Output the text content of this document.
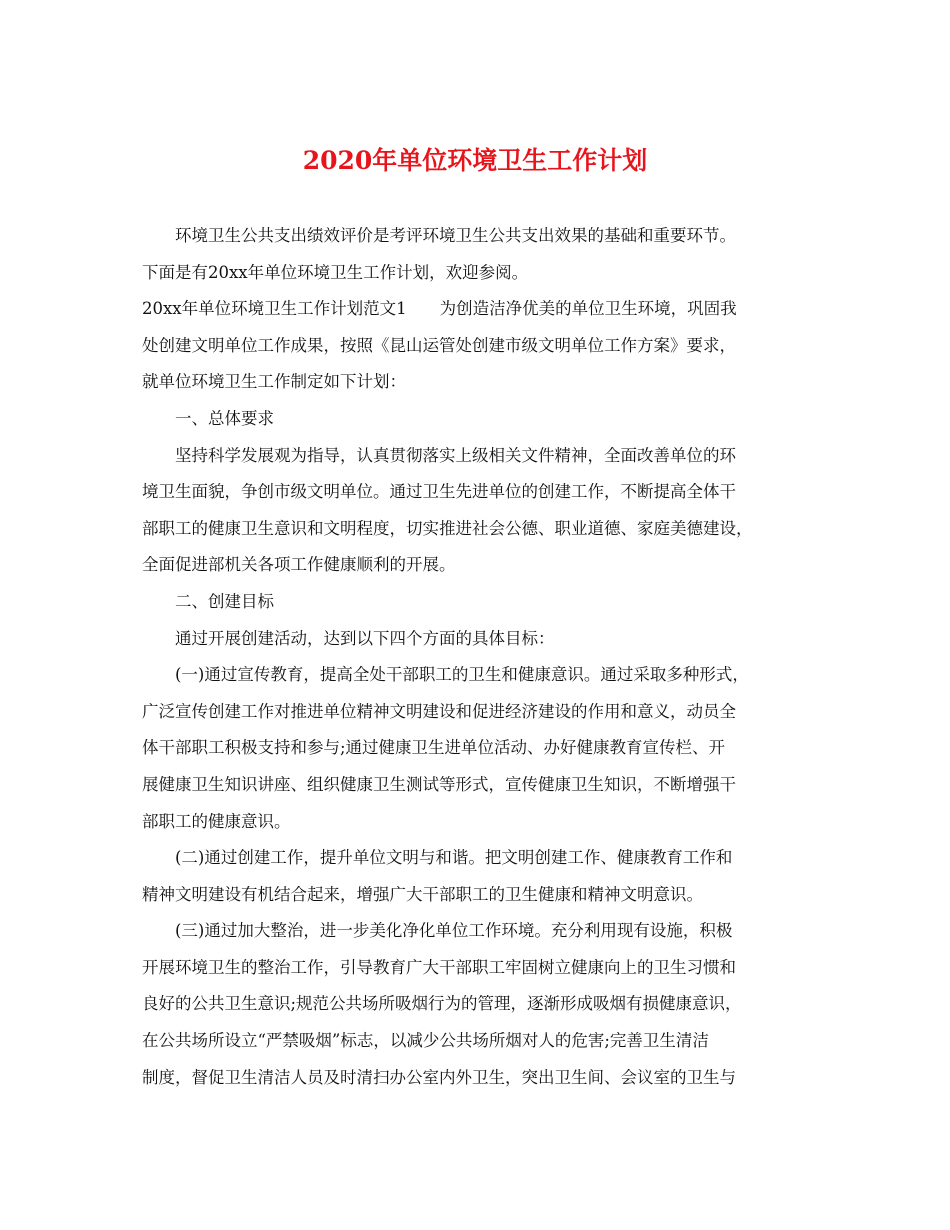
2020年单位环境卫生工作计划
环境卫生公共支出绩效评价是考评环境卫生公共支出效果的基础和重要环节。
下面是有20xx年单位环境卫生工作计划，欢迎参阅。
20xx年单位环境卫生工作计划范文1　　为创造洁净优美的单位卫生环境，巩固我
处创建文明单位工作成果，按照《昆山运管处创建市级文明单位工作方案》要求，
就单位环境卫生工作制定如下计划：
一、总体要求
坚持科学发展观为指导，认真贯彻落实上级相关文件精神，全面改善单位的环
境卫生面貌，争创市级文明单位。通过卫生先进单位的创建工作，不断提高全体干
部职工的健康卫生意识和文明程度，切实推进社会公德、职业道德、家庭美德建设，
全面促进部机关各项工作健康顺利的开展。
二、创建目标
通过开展创建活动，达到以下四个方面的具体目标：
(一)通过宣传教育，提高全处干部职工的卫生和健康意识。通过采取多种形式，
广泛宣传创建工作对推进单位精神文明建设和促进经济建设的作用和意义，动员全
体干部职工积极支持和参与;通过健康卫生进单位活动、办好健康教育宣传栏、开
展健康卫生知识讲座、组织健康卫生测试等形式，宣传健康卫生知识，不断增强干
部职工的健康意识。
(二)通过创建工作，提升单位文明与和谐。把文明创建工作、健康教育工作和
精神文明建设有机结合起来，增强广大干部职工的卫生健康和精神文明意识。
(三)通过加大整治，进一步美化净化单位工作环境。充分利用现有设施，积极
开展环境卫生的整治工作，引导教育广大干部职工牢固树立健康向上的卫生习惯和
良好的公共卫生意识;规范公共场所吸烟行为的管理，逐渐形成吸烟有损健康意识，
在公共场所设立“严禁吸烟”标志，以减少公共场所烟对人的危害;完善卫生清洁
制度，督促卫生清洁人员及时清扫办公室内外卫生，突出卫生间、会议室的卫生与
